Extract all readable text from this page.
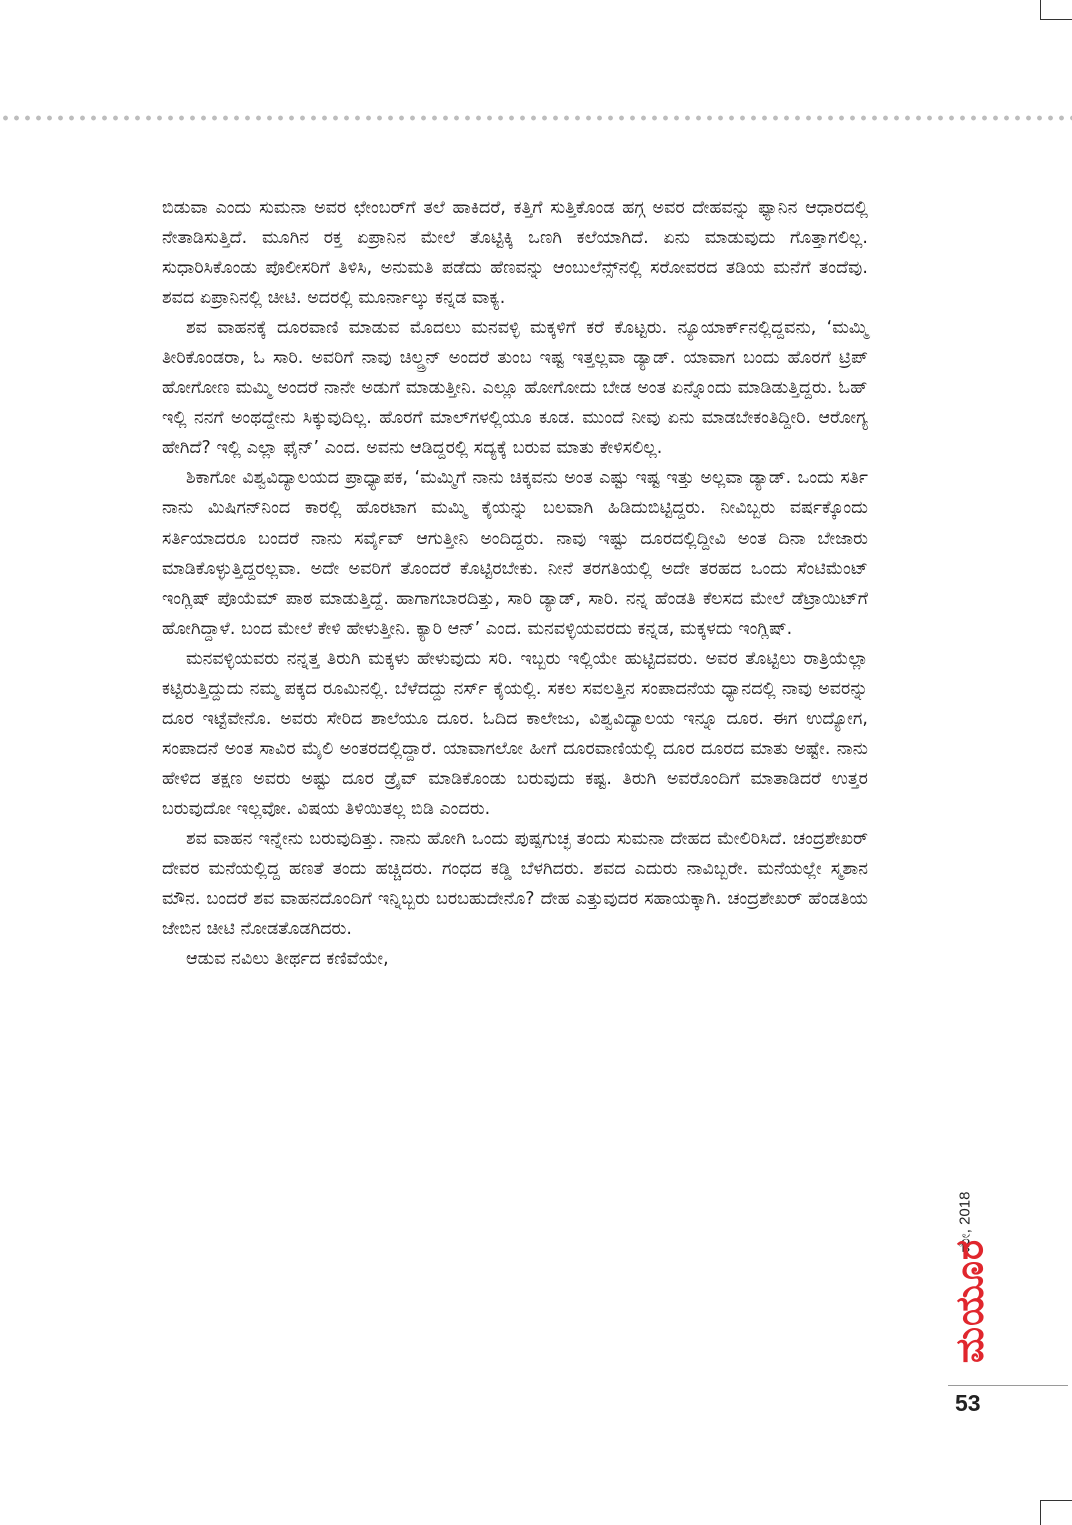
ಬಿಡುವಾ ಎಂದು ಸುಮನಾ ಅವರ ಛೇಂಬರ್‌ಗೆ ತಲೆ ಹಾಕಿದರೆ, ಕತ್ತಿಗೆ ಸುತ್ತಿಕೊಂಡ ಹಗ್ಗ ಅವರ ದೇಹವನ್ನು ಫ್ಯಾನಿನ ಆಧಾರದಲ್ಲಿ ನೇತಾಡಿಸುತ್ತಿದೆ. ಮೂಗಿನ ರಕ್ತ ಏಪ್ರಾನಿನ ಮೇಲೆ ತೊಟ್ಟಿಕ್ಕಿ ಒಣಗಿ ಕಲೆಯಾಗಿದೆ. ಏನು ಮಾಡುವುದು ಗೊತ್ತಾಗಲಿಲ್ಲ. ಸುಧಾರಿಸಿಕೊಂಡು ಪೊಲೀಸರಿಗೆ ತಿಳಿಸಿ, ಅನುಮತಿ ಪಡೆದು ಹೆಣವನ್ನು ಆಂಬುಲೆನ್ಸ್‌ನಲ್ಲಿ ಸರೋವರದ ತಡಿಯ ಮನೆಗೆ ತಂದೆವು. ಶವದ ಏಪ್ರಾನಿನಲ್ಲಿ ಚೀಟಿ. ಅದರಲ್ಲಿ ಮೂರ್ನಾಲ್ಕು ಕನ್ನಡ ವಾಕ್ಯ.

ಶವ ವಾಹನಕ್ಕೆ ದೂರವಾಣಿ ಮಾಡುವ ಮೊದಲು ಮನವಳ್ಳಿ ಮಕ್ಕಳಿಗೆ ಕರೆ ಕೊಟ್ಟರು. ನ್ಯೂಯಾರ್ಕ್‌ನಲ್ಲಿದ್ದವನು, ‘ಮಮ್ಮಿ ತೀರಿಕೊಂಡರಾ, ಓ ಸಾರಿ. ಅವರಿಗೆ ನಾವು ಚಿಲ್ಡ್ರನ್ ಅಂದರೆ ತುಂಬ ಇಷ್ಟ ಇತ್ತಲ್ಲವಾ ಡ್ಯಾಡ್. ಯಾವಾಗ ಬಂದು ಹೊರಗೆ ಟ್ರಿಪ್ ಹೋಗೋಣ ಮಮ್ಮಿ ಅಂದರೆ ನಾನೇ ಅಡುಗೆ ಮಾಡುತ್ತೀನಿ. ಎಲ್ಲೂ ಹೋಗೋದು ಬೇಡ ಅಂತ ಏನ್ನೊಂದು ಮಾಡಿಡುತ್ತಿದ್ದರು. ಓಹ್ ಇಲ್ಲಿ ನನಗೆ ಅಂಥದ್ದೇನು ಸಿಕ್ಕುವುದಿಲ್ಲ. ಹೊರಗೆ ಮಾಲ್‌ಗಳಲ್ಲಿಯೂ ಕೂಡ. ಮುಂದೆ ನೀವು ಏನು ಮಾಡಬೇಕಂತಿದ್ದೀರಿ. ಆರೋಗ್ಯ ಹೇಗಿದೆ? ಇಲ್ಲಿ ಎಲ್ಲಾ ಫೈನ್’ ಎಂದ. ಅವನು ಆಡಿದ್ದರಲ್ಲಿ ಸದ್ಯಕ್ಕೆ ಬರುವ ಮಾತು ಕೇಳಿಸಲಿಲ್ಲ.

ಶಿಕಾಗೋ ವಿಶ್ವವಿದ್ಯಾಲಯದ ಪ್ರಾಧ್ಯಾಪಕ, ‘ಮಮ್ಮಿಗೆ ನಾನು ಚಿಕ್ಕವನು ಅಂತ ಎಷ್ಟು ಇಷ್ಟ ಇತ್ತು ಅಲ್ಲವಾ ಡ್ಯಾಡ್. ಒಂದು ಸರ್ತಿ ನಾನು ಮಿಷಿಗನ್‌ನಿಂದ ಕಾರಲ್ಲಿ ಹೊರಟಾಗ ಮಮ್ಮಿ ಕೈಯನ್ನು ಬಲವಾಗಿ ಹಿಡಿದುಬಿಟ್ಟಿದ್ದರು. ನೀವಿಬ್ಬರು ವರ್ಷಕ್ಕೊಂದು ಸರ್ತಿಯಾದರೂ ಬಂದರೆ ನಾನು ಸರ್ವೈವ್ ಆಗುತ್ತೀನಿ ಅಂದಿದ್ದರು. ನಾವು ಇಷ್ಟು ದೂರದಲ್ಲಿದ್ದೀವಿ ಅಂತ ದಿನಾ ಬೇಜಾರು ಮಾಡಿಕೊಳ್ಳುತ್ತಿದ್ದರಲ್ಲವಾ. ಅದೇ ಅವರಿಗೆ ತೊಂದರೆ ಕೊಟ್ಟಿರಬೇಕು. ನೀನೆ ತರಗತಿಯಲ್ಲಿ ಅದೇ ತರಹದ ಒಂದು ಸೆಂಟಿಮೆಂಟ್ ಇಂಗ್ಲಿಷ್ ಪೊಯೆಮ್ ಪಾಠ ಮಾಡುತ್ತಿದ್ದೆ. ಹಾಗಾಗಬಾರದಿತ್ತು, ಸಾರಿ ಡ್ಯಾಡ್, ಸಾರಿ. ನನ್ನ ಹೆಂಡತಿ ಕೆಲಸದ ಮೇಲೆ ಡೆಟ್ರಾಯಿಟ್‌ಗೆ ಹೋಗಿದ್ದಾಳೆ. ಬಂದ ಮೇಲೆ ಕೇಳಿ ಹೇಳುತ್ತೀನಿ. ಕ್ಯಾರಿ ಆನ್’ ಎಂದ. ಮನವಳ್ಳಿಯವರದು ಕನ್ನಡ, ಮಕ್ಕಳದು ಇಂಗ್ಲಿಷ್.

ಮನವಳ್ಳಿಯವರು ನನ್ನತ್ತ ತಿರುಗಿ ಮಕ್ಕಳು ಹೇಳುವುದು ಸರಿ. ಇಬ್ಬರು ಇಲ್ಲಿಯೇ ಹುಟ್ಟಿದವರು. ಅವರ ತೊಟ್ಟಿಲು ರಾತ್ರಿಯೆಲ್ಲಾ ಕಟ್ಟಿರುತ್ತಿದ್ದುದು ನಮ್ಮ ಪಕ್ಕದ ರೂಮಿನಲ್ಲಿ. ಬೆಳೆದದ್ದು ನರ್ಸ್ ಕೈಯಲ್ಲಿ. ಸಕಲ ಸವಲತ್ತಿನ ಸಂಪಾದನೆಯ ಧ್ಯಾನದಲ್ಲಿ ನಾವು ಅವರನ್ನು ದೂರ ಇಟ್ಟೆವೇನೊ. ಅವರು ಸೇರಿದ ಶಾಲೆಯೂ ದೂರ. ಓದಿದ ಕಾಲೇಜು, ವಿಶ್ವವಿದ್ಯಾಲಯ ಇನ್ನೂ ದೂರ. ಈಗ ಉದ್ಯೋಗ, ಸಂಪಾದನೆ ಅಂತ ಸಾವಿರ ಮೈಲಿ ಅಂತರದಲ್ಲಿದ್ದಾರೆ. ಯಾವಾಗಲೋ ಹೀಗೆ ದೂರವಾಣಿಯಲ್ಲಿ ದೂರ ದೂರದ ಮಾತು ಅಷ್ಟೇ. ನಾನು ಹೇಳಿದ ತಕ್ಷಣ ಅವರು ಅಷ್ಟು ದೂರ ಡ್ರೈವ್ ಮಾಡಿಕೊಂಡು ಬರುವುದು ಕಷ್ಟ. ತಿರುಗಿ ಅವರೊಂದಿಗೆ ಮಾತಾಡಿದರೆ ಉತ್ತರ ಬರುವುದೋ ಇಲ್ಲವೋ. ವಿಷಯ ತಿಳಿಯಿತಲ್ಲ ಬಿಡಿ ಎಂದರು.

ಶವ ವಾಹನ ಇನ್ನೇನು ಬರುವುದಿತ್ತು. ನಾನು ಹೋಗಿ ಒಂದು ಪುಷ್ಪಗುಚ್ಛ ತಂದು ಸುಮನಾ ದೇಹದ ಮೇಲಿರಿಸಿದೆ. ಚಂದ್ರಶೇಖರ್ ದೇವರ ಮನೆಯಲ್ಲಿದ್ದ ಹಣತೆ ತಂದು ಹಚ್ಚಿದರು. ಗಂಧದ ಕಡ್ಡಿ ಬೆಳಗಿದರು. ಶವದ ಎದುರು ನಾವಿಬ್ಬರೇ. ಮನೆಯಲ್ಲೇ ಸ್ಮಶಾನ ಮೌನ. ಬಂದರೆ ಶವ ವಾಹನದೊಂದಿಗೆ ಇನ್ನಿಬ್ಬರು ಬರಬಹುದೇನೊ? ದೇಹ ಎತ್ತುವುದರ ಸಹಾಯಕ್ಕಾಗಿ. ಚಂದ್ರಶೇಖರ್ ಹೆಂಡತಿಯ ಜೇಬಿನ ಚೀಟಿ ನೋಡತೊಡಗಿದರು.

ಆಡುವ ನವಿಲು ತೀರ್ಥದ ಕಣಿವೆಯೇ,

ಮೇ, 2018
ಮಯೂರ
53
